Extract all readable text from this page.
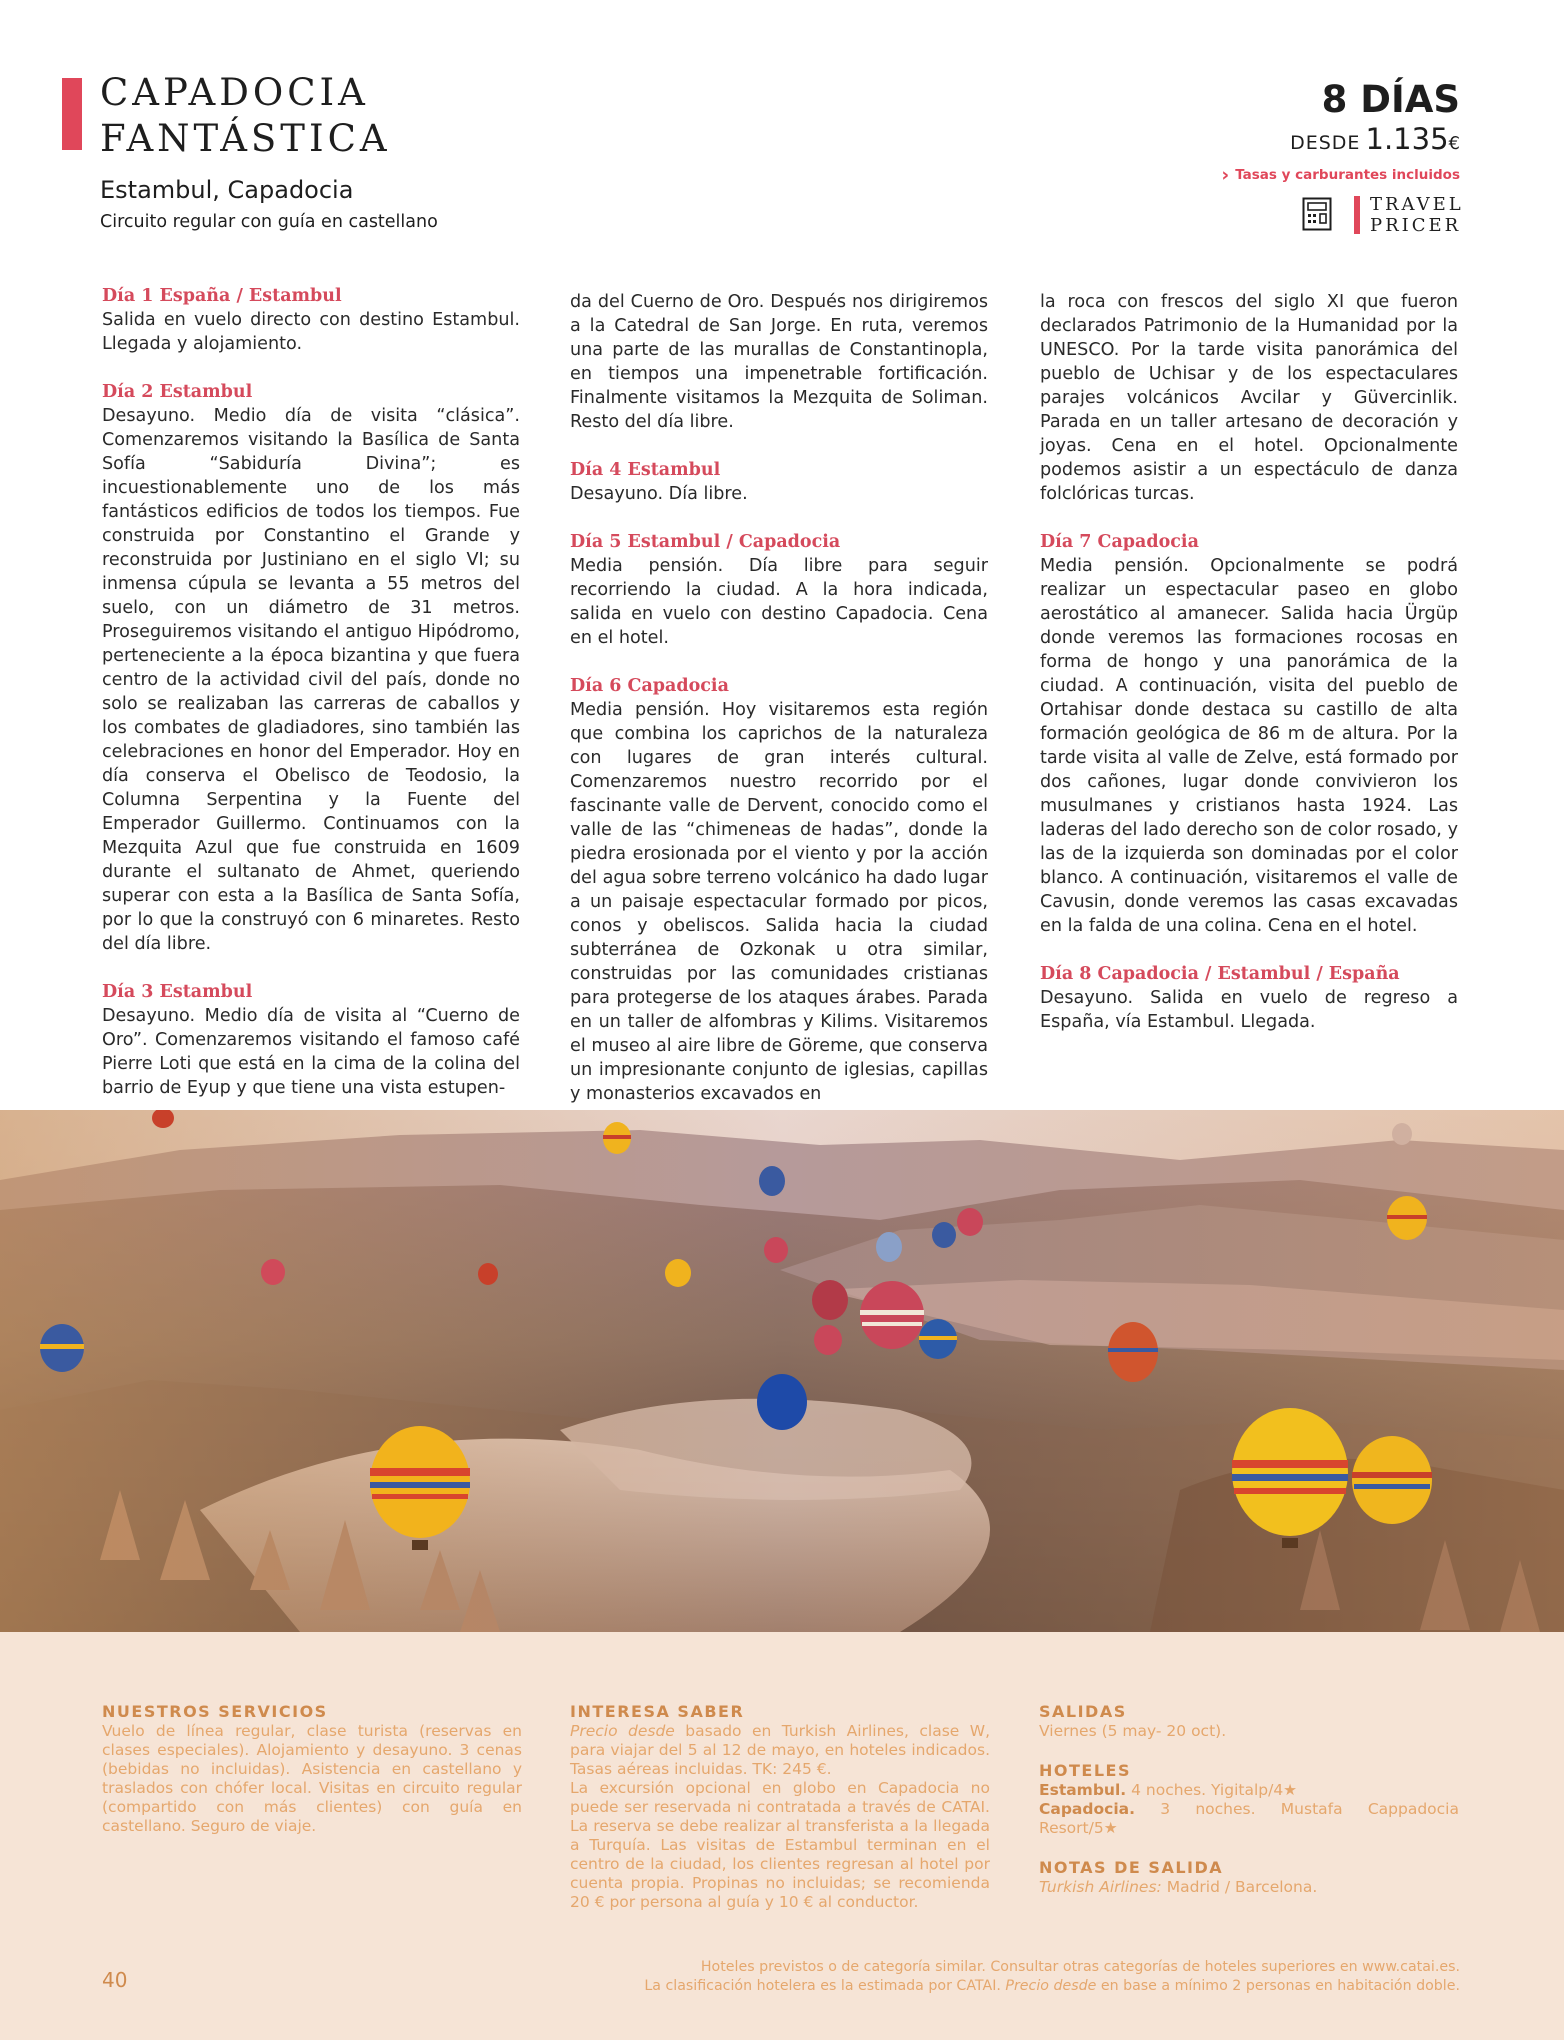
CAPADOCIA
FANTÁSTICA
Estambul, Capadocia
Circuito regular con guía en castellano
8 DÍAS
DESDE 1.135€
› Tasas y carburantes incluidos
TRAVEL
PRICER
Día 1 España / Estambul

Salida en vuelo directo con destino Estambul. Llegada y alojamiento.

Día 2 Estambul

Desayuno. Medio día de visita “clásica”. Comenzaremos visitando la Basílica de Santa Sofía “Sabiduría Divina”; es incuestionablemente uno de los más fantásticos edificios de todos los tiempos. Fue construida por Constantino el Grande y reconstruida por Justiniano en el siglo VI; su inmensa cúpula se levanta a 55 metros del suelo, con un diámetro de 31 metros. Proseguiremos visitando el antiguo Hipódromo, perteneciente a la época bizantina y que fuera centro de la actividad civil del país, donde no solo se realizaban las carreras de caballos y los combates de gladiadores, sino también las celebraciones en honor del Emperador. Hoy en día conserva el Obelisco de Teodosio, la Columna Serpentina y la Fuente del Emperador Guillermo. Continuamos con la Mezquita Azul que fue construida en 1609 durante el sultanato de Ahmet, queriendo superar con esta a la Basílica de Santa Sofía, por lo que la construyó con 6 minaretes. Resto del día libre.

Día 3 Estambul

Desayuno. Medio día de visita al “Cuerno de Oro”. Comenzaremos visitando el famoso café Pierre Loti que está en la cima de la colina del barrio de Eyup y que tiene una vista estupen-

da del Cuerno de Oro. Después nos dirigiremos a la Catedral de San Jorge. En ruta, veremos una parte de las murallas de Constantinopla, en tiempos una impenetrable fortificación. Finalmente visitamos la Mezquita de Soliman. Resto del día libre.

Día 4 Estambul

Desayuno. Día libre.

Día 5 Estambul / Capadocia

Media pensión. Día libre para seguir recorriendo la ciudad. A la hora indicada, salida en vuelo con destino Capadocia. Cena en el hotel.

Día 6 Capadocia

Media pensión. Hoy visitaremos esta región que combina los caprichos de la naturaleza con lugares de gran interés cultural. Comenzaremos nuestro recorrido por el fascinante valle de Dervent, conocido como el valle de las “chimeneas de hadas”, donde la piedra erosionada por el viento y por la acción del agua sobre terreno volcánico ha dado lugar a un paisaje espectacular formado por picos, conos y obeliscos. Salida hacia la ciudad subterránea de Ozkonak u otra similar, construidas por las comunidades cristianas para protegerse de los ataques árabes. Parada en un taller de alfombras y Kilims. Visitaremos el museo al aire libre de Göreme, que conserva un impresionante conjunto de iglesias, capillas y monasterios excavados en

la roca con frescos del siglo XI que fueron declarados Patrimonio de la Humanidad por la UNESCO. Por la tarde visita panorámica del pueblo de Uchisar y de los espectaculares parajes volcánicos Avcilar y Güvercinlik. Parada en un taller artesano de decoración y joyas. Cena en el hotel. Opcionalmente podemos asistir a un espectáculo de danza folclóricas turcas.

Día 7 Capadocia

Media pensión. Opcionalmente se podrá realizar un espectacular paseo en globo aerostático al amanecer. Salida hacia Ürgüp donde veremos las formaciones rocosas en forma de hongo y una panorámica de la ciudad. A continuación, visita del pueblo de Ortahisar donde destaca su castillo de alta formación geológica de 86 m de altura. Por la tarde visita al valle de Zelve, está formado por dos cañones, lugar donde convivieron los musulmanes y cristianos hasta 1924. Las laderas del lado derecho son de color rosado, y las de la izquierda son dominadas por el color blanco. A continuación, visitaremos el valle de Cavusin, donde veremos las casas excavadas en la falda de una colina. Cena en el hotel.

Día 8 Capadocia / Estambul / España

Desayuno. Salida en vuelo de regreso a España, vía Estambul. Llegada.

NUESTROS SERVICIOS

Vuelo de línea regular, clase turista (reservas en clases especiales). Alojamiento y desayuno. 3 cenas (bebidas no incluidas). Asistencia en castellano y traslados con chófer local. Visitas en circuito regular (compartido con más clientes) con guía en castellano. Seguro de viaje.

INTERESA SABER

Precio desde basado en Turkish Airlines, clase W, para viajar del 5 al 12 de mayo, en hoteles indicados. Tasas aéreas incluidas. TK: 245 €.

La excursión opcional en globo en Capadocia no puede ser reservada ni contratada a través de CATAI. La reserva se debe realizar al transferista a la llegada a Turquía. Las visitas de Estambul terminan en el centro de la ciudad, los clientes regresan al hotel por cuenta propia. Propinas no incluidas; se recomienda 20 € por persona al guía y 10 € al conductor.

SALIDAS

Viernes (5 may- 20 oct).

HOTELES

Estambul. 4 noches. Yigitalp/4★

Capadocia. 3 noches. Mustafa Cappadocia Resort/5★

NOTAS DE SALIDA

Turkish Airlines: Madrid / Barcelona.

40
Hoteles previstos o de categoría similar. Consultar otras categorías de hoteles superiores en www.catai.es.
La clasificación hotelera es la estimada por CATAI. Precio desde en base a mínimo 2 personas en habitación doble.
